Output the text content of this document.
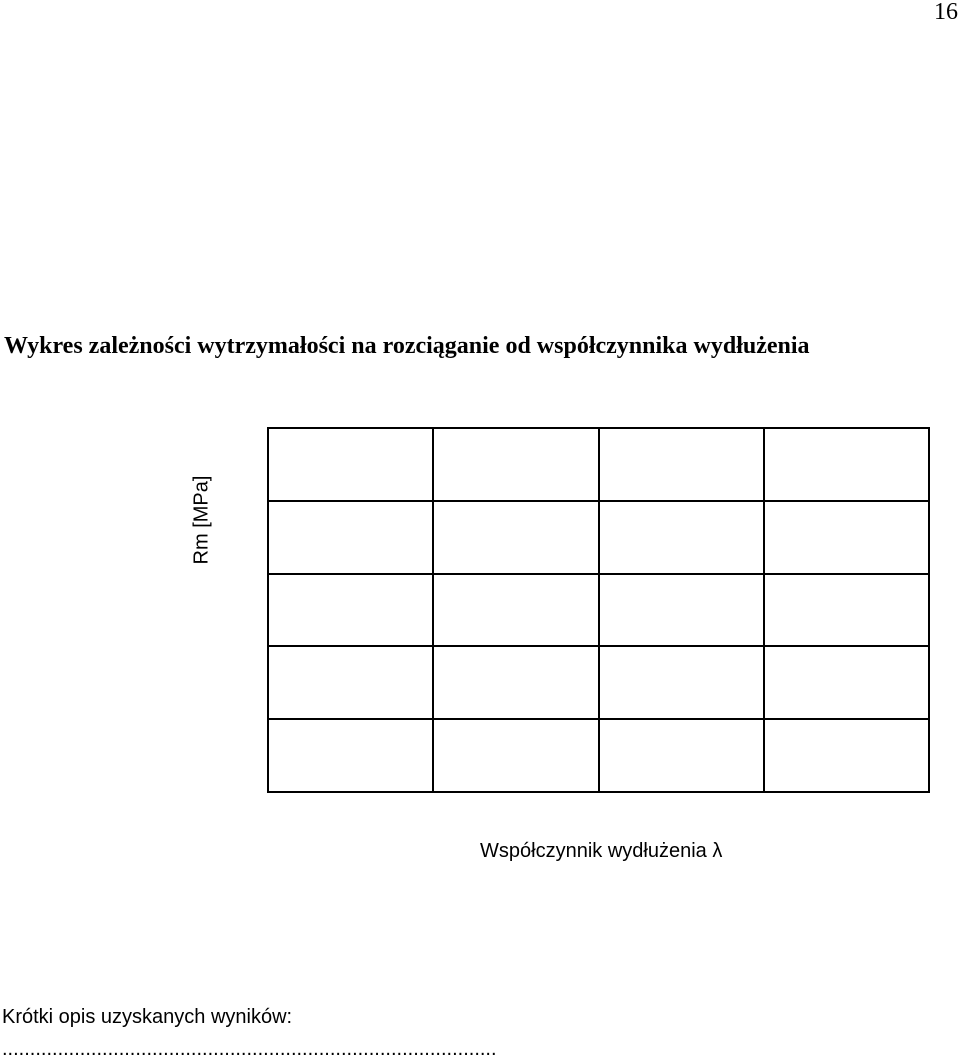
16
Wykres zależności wytrzymałości na rozciąganie od współczynnika wydłużenia
Rm [MPa]
Współczynnik wydłużenia λ
Krótki opis uzyskanych wyników:
.........................................................................................
